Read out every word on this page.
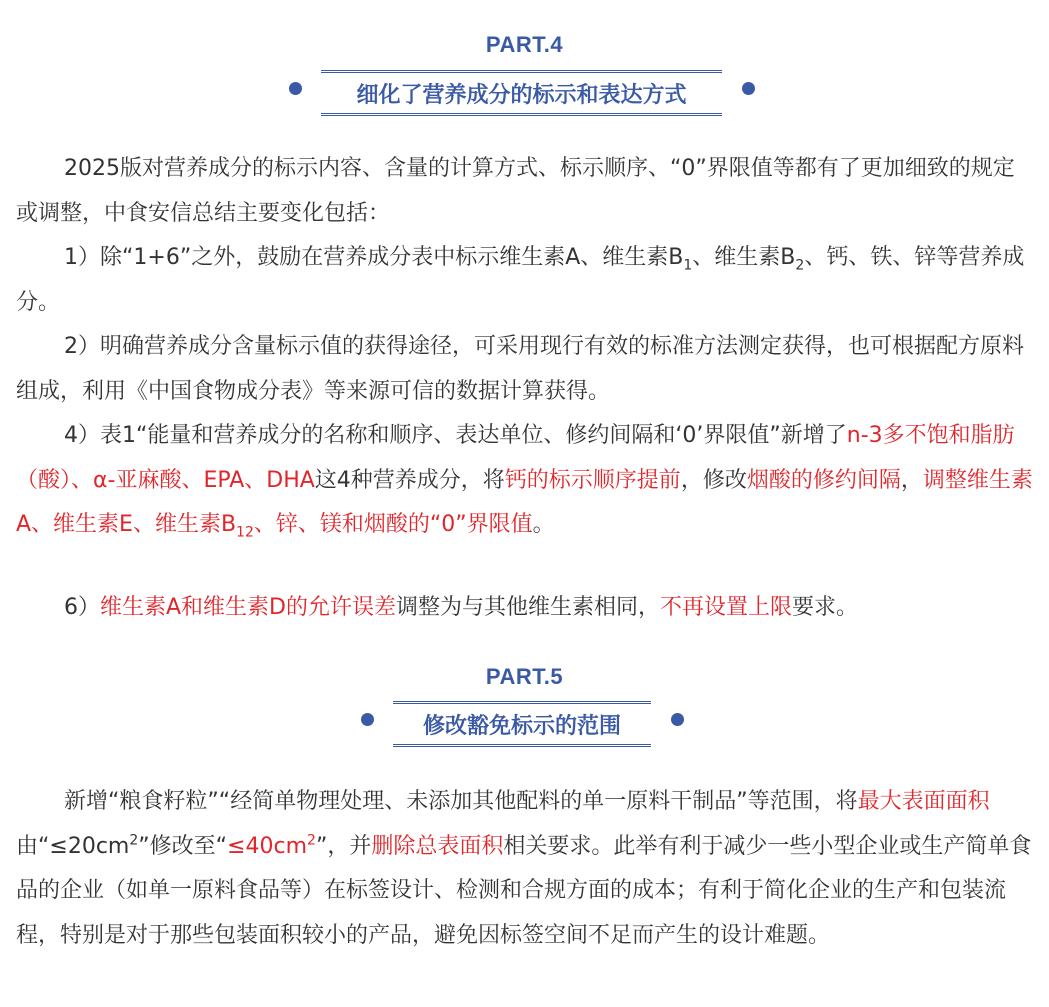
PART.4
细化了营养成分的标示和表达方式

2025版对营养成分的标示内容、含量的计算方式、标示顺序、“0”界限值等都有了更加细致的规定或调整，中食安信总结主要变化包括：

1）除“1+6”之外，鼓励在营养成分表中标示维生素A、维生素$B_1$、维生素$B_2$、钙、铁、锌等营养成分。

2）明确营养成分含量标示值的获得途径，可采用现行有效的标准方法测定获得，也可根据配方原料组成，利用《中国食物成分表》等来源可信的数据计算获得。

4）表1“能量和营养成分的名称和顺序、表达单位、修约间隔和‘0’界限值”新增了n-3多不饱和脂肪（酸）、α-亚麻酸、EPA、DHA这4种营养成分，将钙的标示顺序提前，修改烟酸的修约间隔，调整维生素A、维生素E、维生素$B_{12}$、锌、镁和烟酸的“0”界限值。

6）维生素A和维生素D的允许误差调整为与其他维生素相同，不再设置上限要求。

PART.5
修改豁免标示的范围

新增“粮食籽粒”“经简单物理处理、未添加其他配料的单一原料干制品”等范围，将最大表面面积由“$\le 20cm^2$”修改至“$\le 40cm^2$”，并删除总表面积相关要求。此举有利于减少一些小型企业或生产简单食品的企业（如单一原料食品等）在标签设计、检测和合规方面的成本；有利于简化企业的生产和包装流程，特别是对于那些包装面积较小的产品，避免因标签空间不足而产生的设计难题。
